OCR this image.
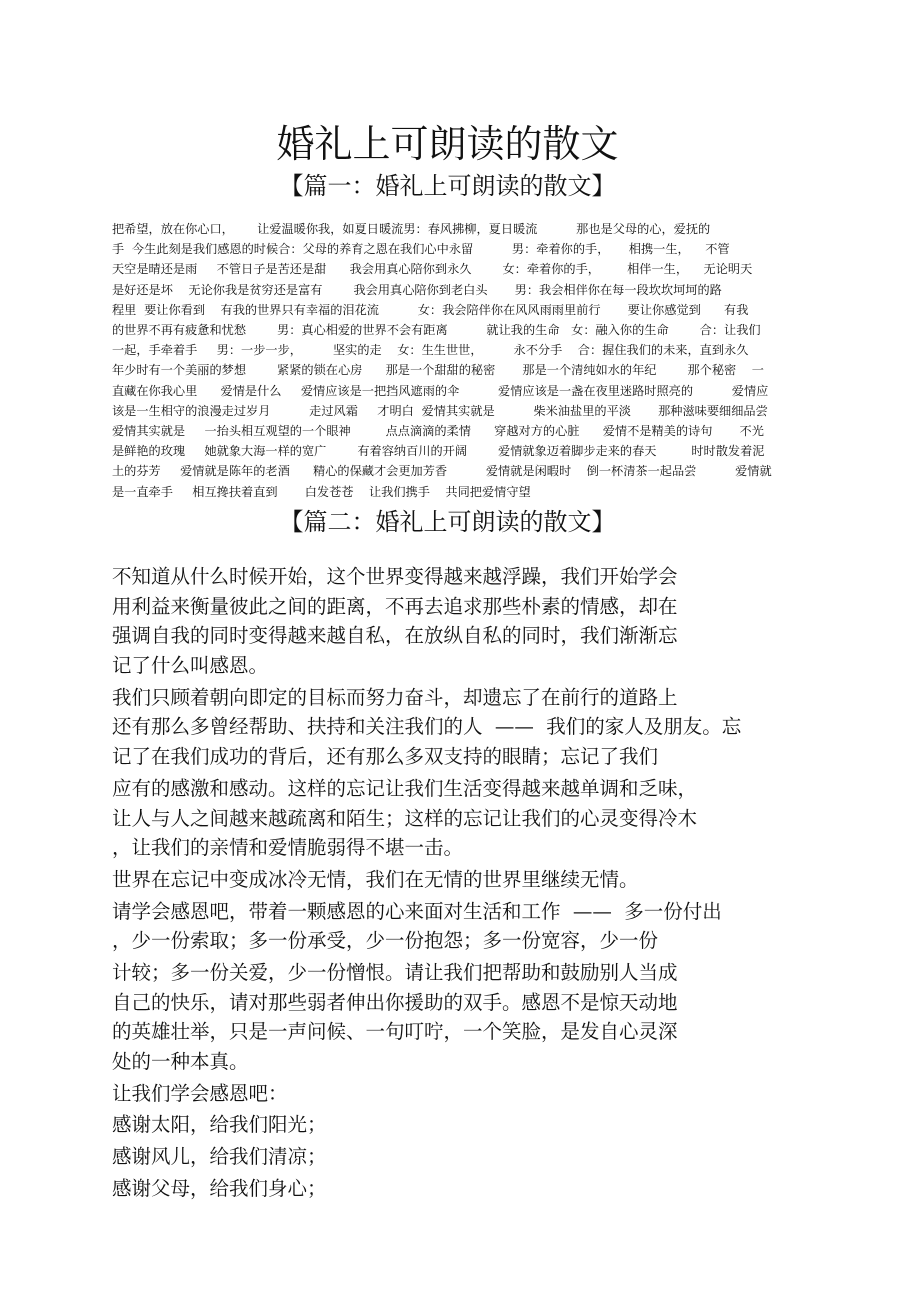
婚礼上可朗读的散文
【篇一：婚礼上可朗读的散文】
把希望，放在你心口，      让爱温暖你我，如夏日暖流男：春风拂柳，夏日暖流          那也是父母的心，爱抚的
手  今生此刻是我们感恩的时候合：父母的养育之恩在我们心中永留          男：牵着你的手，     相携一生，    不管
天空是晴还是雨     不管日子是苦还是甜      我会用真心陪你到永久        女：牵着你的手，       相伴一生，    无论明天
是好还是坏    无论你我是贫穷还是富有        我会用真心陪你到老白头       男：我会相伴你在每一段坎坎坷坷的路
程里  要让你看到    有我的世界只有幸福的泪花流          女：我会陪伴你在风风雨雨里前行       要让你感觉到      有我
的世界不再有疲惫和忧愁        男：真心相爱的世界不会有距离          就让我的生命   女：融入你的生命        合：让我们
一起，手牵着手     男：一步一步，        坚实的走    女：生生世世，        永不分手    合：握住我们的未来，直到永久
年少时有一个美丽的梦想        紧紧的锁在心房      那是一个甜甜的秘密       那是一个清纯如水的年纪        那个秘密    一
直藏在你我心里      爱情是什么     爱情应该是一把挡风遮雨的伞          爱情应该是一盏在夜里迷路时照亮的          爱情应
该是一生相守的浪漫走过岁月          走过风霜     才明白  爱情其实就是          柴米油盐里的平淡       那种滋味要细细品尝
爱情其实就是     一抬头相互观望的一个眼神         点点滴滴的柔情      穿越对方的心脏      爱情不是精美的诗句       不光
是鲜艳的玫瑰     她就象大海一样的宽广        有着容纳百川的开阔        爱情就象迈着脚步走来的春天         时时散发着泥
土的芬芳     爱情就是陈年的老酒      精心的保藏才会更加芳香          爱情就是闲暇时    倒一杯清茶一起品尝          爱情就
是一直牵手     相互搀扶着直到       白发苍苍    让我们携手    共同把爱情守望
【篇二：婚礼上可朗读的散文】
不知道从什么时候开始，这个世界变得越来越浮躁，我们开始学会
用利益来衡量彼此之间的距离，不再去追求那些朴素的情感，却在
强调自我的同时变得越来越自私，在放纵自私的同时，我们渐渐忘
记了什么叫感恩。
我们只顾着朝向即定的目标而努力奋斗，却遗忘了在前行的道路上
还有那么多曾经帮助、扶持和关注我们的人  ——  我们的家人及朋友。忘
记了在我们成功的背后，还有那么多双支持的眼睛；忘记了我们
应有的感激和感动。这样的忘记让我们生活变得越来越单调和乏味，
让人与人之间越来越疏离和陌生；这样的忘记让我们的心灵变得冷木
，让我们的亲情和爱情脆弱得不堪一击。
世界在忘记中变成冰冷无情，我们在无情的世界里继续无情。
请学会感恩吧，带着一颗感恩的心来面对生活和工作  ——  多一份付出
，少一份索取；多一份承受，少一份抱怨；多一份宽容，少一份
计较；多一份关爱，少一份憎恨。请让我们把帮助和鼓励别人当成
自己的快乐，请对那些弱者伸出你援助的双手。感恩不是惊天动地
的英雄壮举，只是一声问候、一句叮咛，一个笑脸，是发自心灵深
处的一种本真。
让我们学会感恩吧：
感谢太阳，给我们阳光；
感谢风儿，给我们清凉；
感谢父母，给我们身心；
